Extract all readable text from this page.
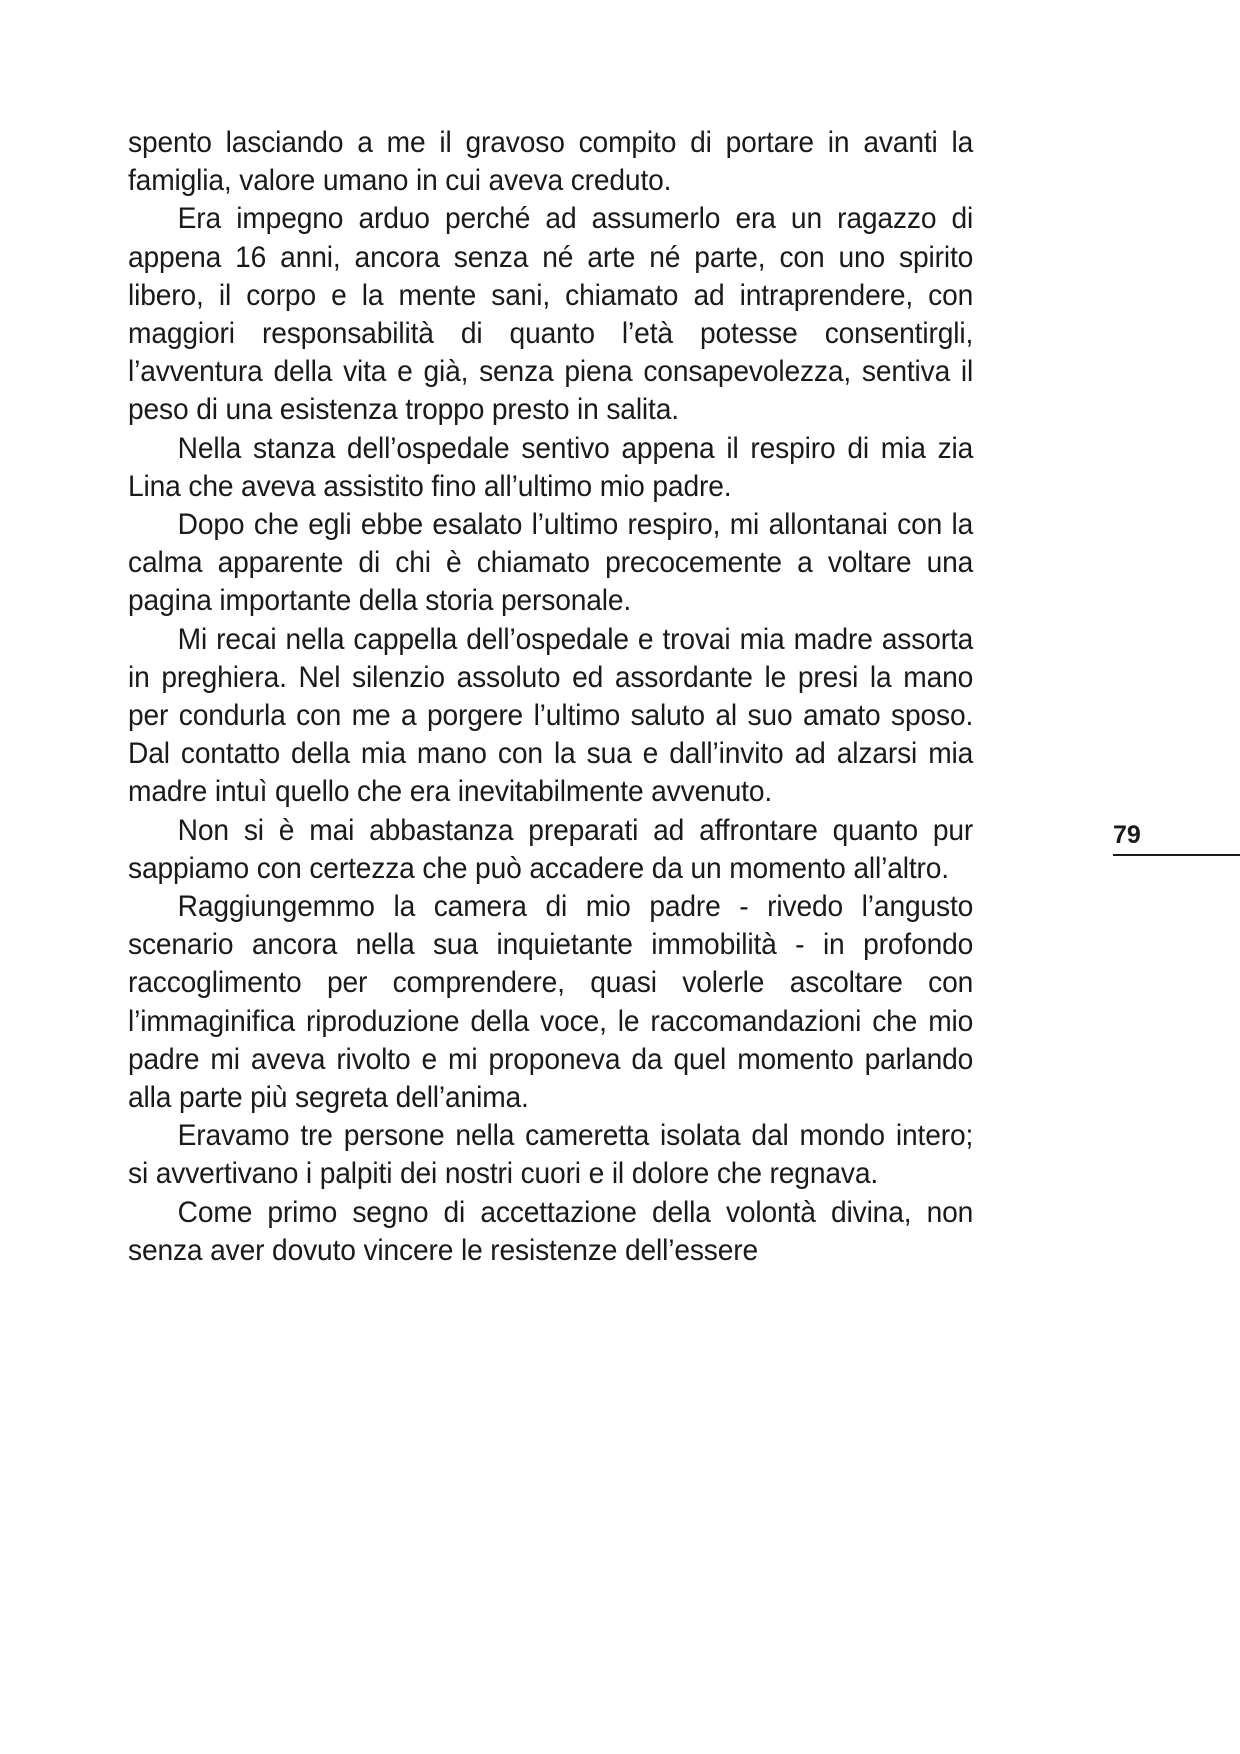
spento lasciando a me il gravoso compito di portare in avanti la famiglia, valore umano in cui aveva creduto.

Era impegno arduo perché ad assumerlo era un ragazzo di appena 16 anni, ancora senza né arte né parte, con uno spirito libero, il corpo e la mente sani, chiamato ad intraprendere, con maggiori responsabilità di quanto l’età potesse consentirgli, l’avventura della vita e già, senza piena consapevolezza, sentiva il peso di una esistenza troppo presto in salita.

Nella stanza dell’ospedale sentivo appena il respiro di mia zia Lina che aveva assistito fino all’ultimo mio padre.

Dopo che egli ebbe esalato l’ultimo respiro, mi allontanai con la calma apparente di chi è chiamato precocemente a voltare una pagina importante della storia personale.

Mi recai nella cappella dell’ospedale e trovai mia madre assorta in preghiera. Nel silenzio assoluto ed assordante le presi la mano per condurla con me a porgere l’ultimo saluto al suo amato sposo. Dal contatto della mia mano con la sua e dall’invito ad alzarsi mia madre intuì quello che era inevitabilmente avvenuto.

Non si è mai abbastanza preparati ad affrontare quanto pur sappiamo con certezza che può accadere da un momento all’altro.

Raggiungemmo la camera di mio padre - rivedo l’angusto scenario ancora nella sua inquietante immobilità - in profondo raccoglimento per comprendere, quasi volerle ascoltare con l’immaginifica riproduzione della voce, le raccomandazioni che mio padre mi aveva rivolto e mi proponeva da quel momento parlando alla parte più segreta dell’anima.

Eravamo tre persone nella cameretta isolata dal mondo intero; si avvertivano i palpiti dei nostri cuori e il dolore che regnava.

Come primo segno di accettazione della volontà divina, non senza aver dovuto vincere le resistenze dell’essere

79
